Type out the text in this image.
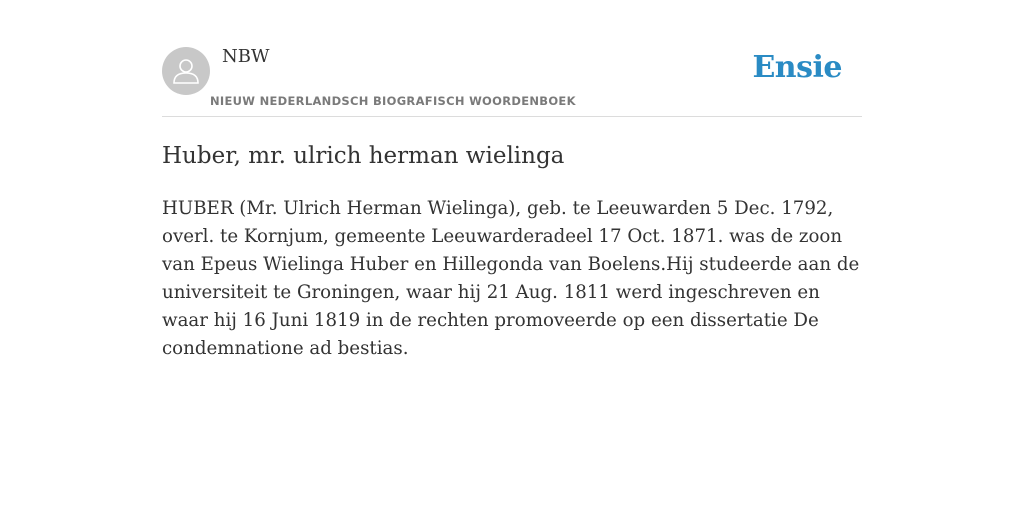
NBW
NIEUW NEDERLANDSCH BIOGRAFISCH WOORDENBOEK
Ensie
Huber, mr. ulrich herman wielinga

HUBER (Mr. Ulrich Herman Wielinga), geb. te Leeuwarden 5 Dec. 1792, overl. te Kornjum, gemeente Leeuwarderadeel 17 Oct. 1871. was de zoon van Epeus Wielinga Huber en Hillegonda van Boelens.Hij studeerde aan de universiteit te Groningen, waar hij 21 Aug. 1811 werd ingeschreven en waar hij 16 Juni 1819 in de rechten promoveerde op een dissertatie De condemnatione ad bestias.
